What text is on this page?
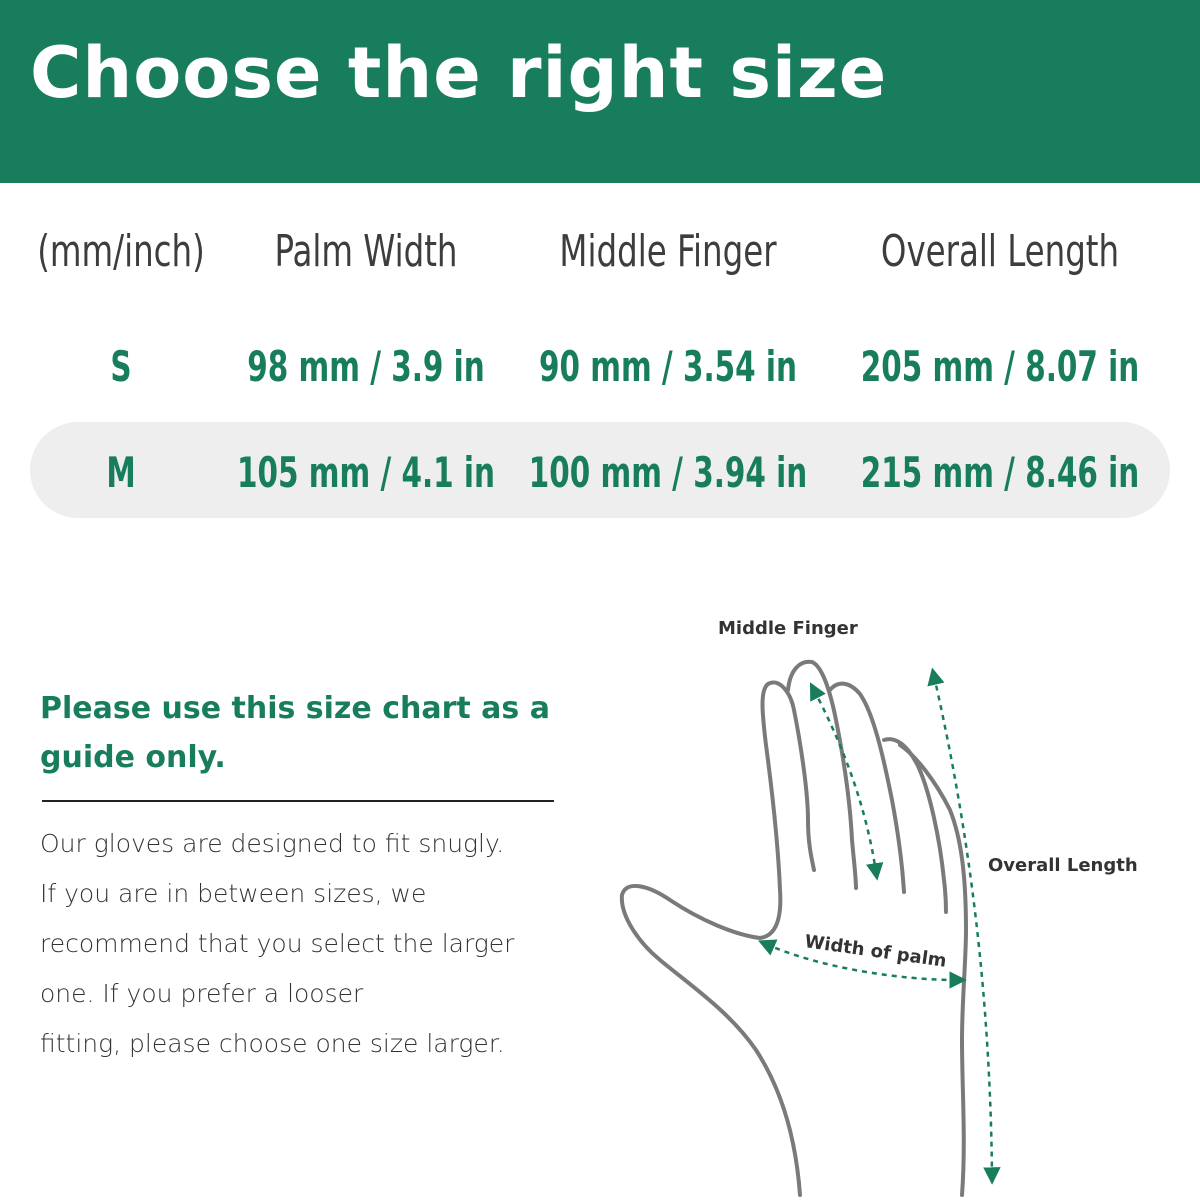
Choose the right size
(mm/inch) Palm Width Middle Finger Overall Length
S	98 mm / 3.9 in 90 mm / 3.54 in 205 mm / 8.07 in
M 105 mm / 4.1 in 100 mm / 3.94 in 215 mm / 8.46 in
Please use this size chart as a guide only.
Our gloves are designed to fit snugly.
If you are in between sizes, we
recommend that you select the larger
one. If you prefer a looser
fitting, please choose one size larger.
Middle Finger
Overall Length
Width of palm
